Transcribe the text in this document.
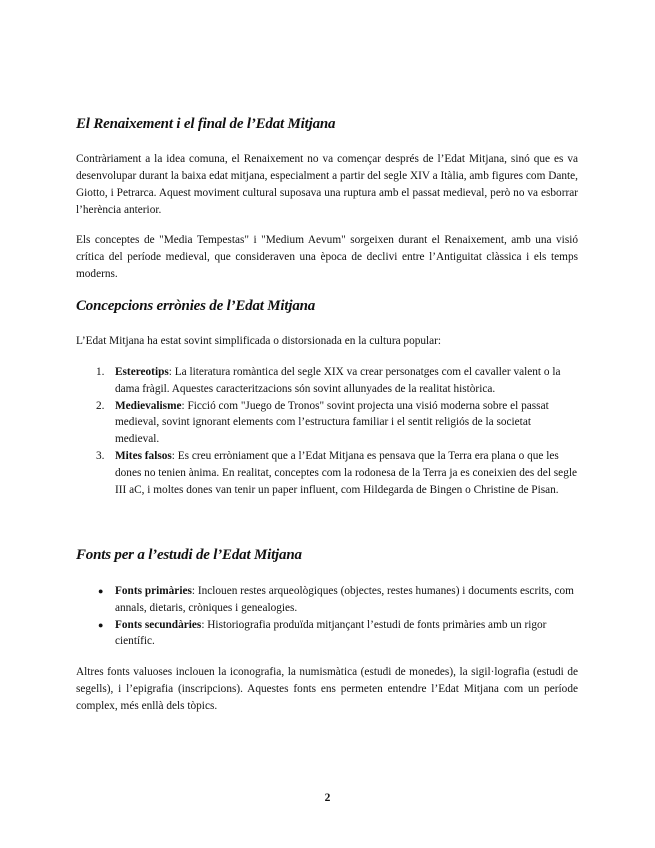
El Renaixement i el final de l’Edat Mitjana

Contràriament a la idea comuna, el Renaixement no va començar després de l’Edat Mitjana, sinó que es va desenvolupar durant la baixa edat mitjana, especialment a partir del segle XIV a Itàlia, amb figures com Dante, Giotto, i Petrarca. Aquest moviment cultural suposava una ruptura amb el passat medieval, però no va esborrar l’herència anterior.

Els conceptes de "Media Tempestas" i "Medium Aevum" sorgeixen durant el Renaixement, amb una visió crítica del període medieval, que consideraven una època de declivi entre l’Antiguitat clàssica i els temps moderns.

Concepcions errònies de l’Edat Mitjana

L’Edat Mitjana ha estat sovint simplificada o distorsionada en la cultura popular:

1. Estereotips: La literatura romàntica del segle XIX va crear personatges com el cavaller valent o la dama fràgil. Aquestes caracteritzacions són sovint allunyades de la realitat històrica.
2. Medievalisme: Ficció com "Juego de Tronos" sovint projecta una visió moderna sobre el passat medieval, sovint ignorant elements com l’estructura familiar i el sentit religiós de la societat medieval.
3. Mites falsos: Es creu erròniament que a l’Edat Mitjana es pensava que la Terra era plana o que les dones no tenien ànima. En realitat, conceptes com la rodonesa de la Terra ja es coneixien des del segle III aC, i moltes dones van tenir un paper influent, com Hildegarda de Bingen o Christine de Pisan.
Fonts per a l’estudi de l’Edat Mitjana
● Fonts primàries: Inclouen restes arqueològiques (objectes, restes humanes) i documents escrits, com annals, dietaris, cròniques i genealogies.
● Fonts secundàries: Historiografia produïda mitjançant l’estudi de fonts primàries amb un rigor científic.

Altres fonts valuoses inclouen la iconografia, la numismàtica (estudi de monedes), la sigil·lografia (estudi de segells), i l’epigrafia (inscripcions). Aquestes fonts ens permeten entendre l’Edat Mitjana com un període complex, més enllà dels tòpics.

2
